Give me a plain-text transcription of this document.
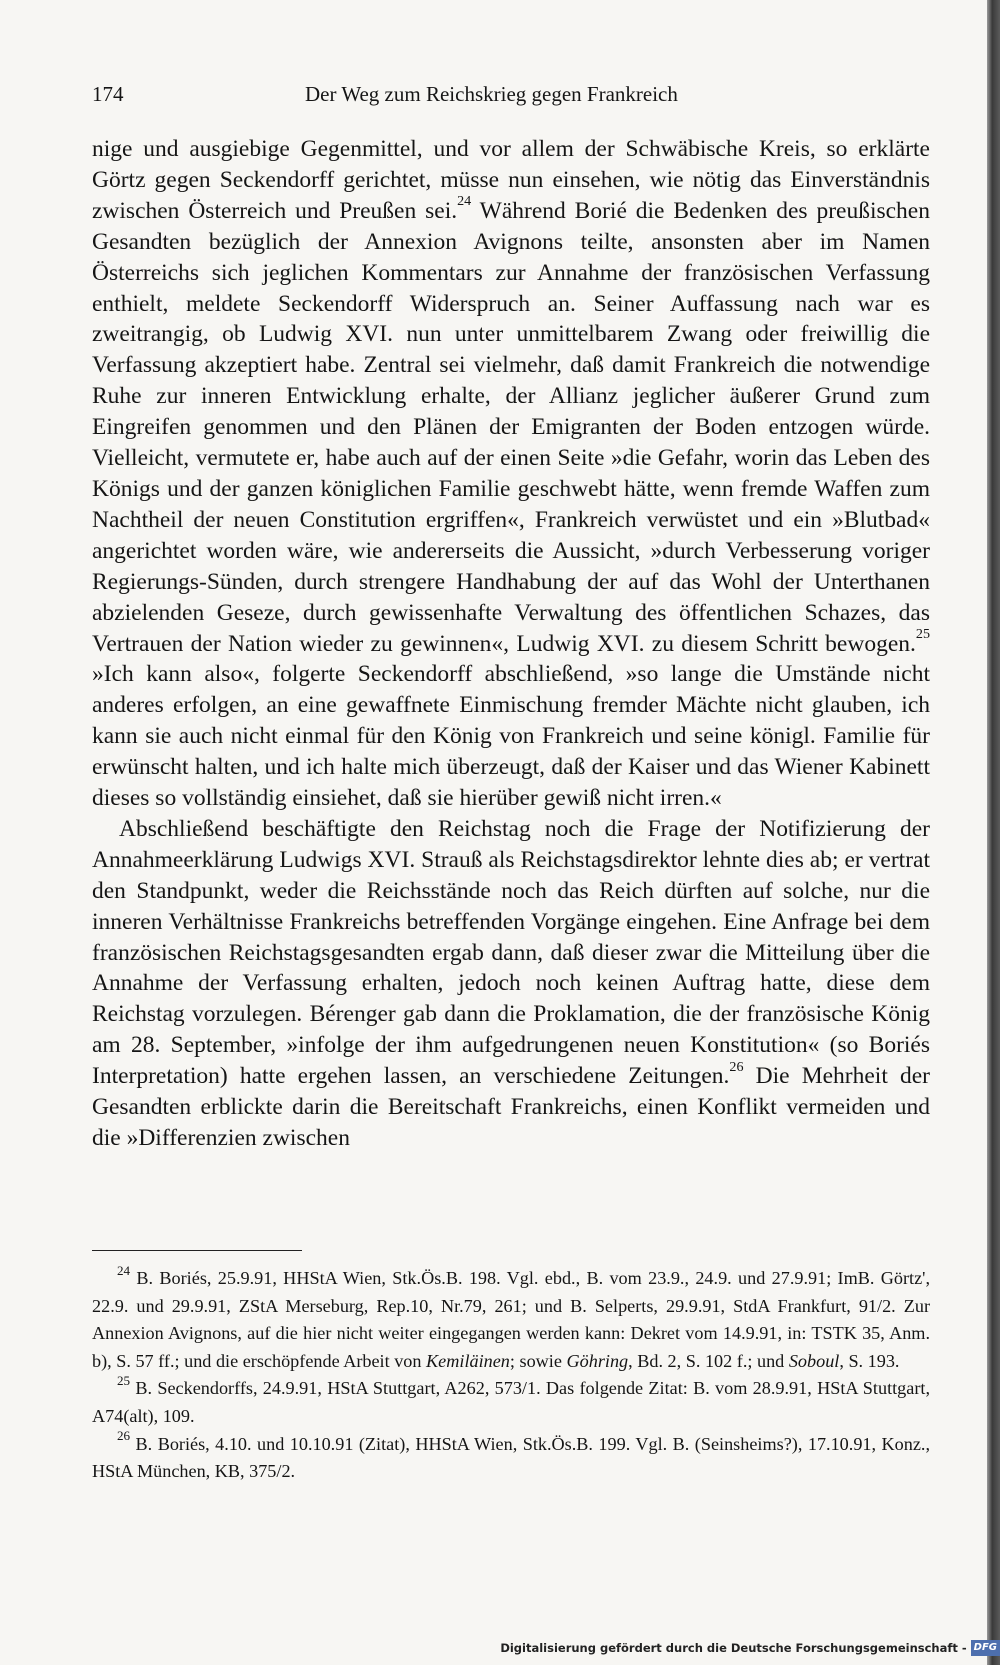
174	Der Weg zum Reichskrieg gegen Frankreich

nige und ausgiebige Gegenmittel, und vor allem der Schwäbische Kreis, so erklärte Görtz gegen Seckendorff gerichtet, müsse nun einsehen, wie nötig das Einverständnis zwischen Österreich und Preußen sei.$^{24}$ Während Borié die Bedenken des preußischen Gesandten bezüglich der Annexion Avignons teilte, ansonsten aber im Namen Österreichs sich jeglichen Kommentars zur Annahme der französischen Verfassung enthielt, meldete Seckendorff Widerspruch an. Seiner Auffassung nach war es zweitrangig, ob Ludwig XVI. nun unter unmittelbarem Zwang oder freiwillig die Verfassung akzeptiert habe. Zentral sei vielmehr, daß damit Frankreich die notwendige Ruhe zur inneren Entwicklung erhalte, der Allianz jeglicher äußerer Grund zum Eingreifen genommen und den Plänen der Emigranten der Boden entzogen würde. Vielleicht, vermutete er, habe auch auf der einen Seite »die Gefahr, worin das Leben des Königs und der ganzen königlichen Familie geschwebt hätte, wenn fremde Waffen zum Nachtheil der neuen Constitution ergriffen«, Frankreich verwüstet und ein »Blutbad« angerichtet worden wäre, wie andererseits die Aussicht, »durch Verbesserung voriger Regierungs-Sünden, durch strengere Handhabung der auf das Wohl der Unterthanen abzielenden Geseze, durch gewissenhafte Verwaltung des öffentlichen Schazes, das Vertrauen der Nation wieder zu gewinnen«, Ludwig XVI. zu diesem Schritt bewogen.$^{25}$ »Ich kann also«, folgerte Seckendorff abschließend, »so lange die Umstände nicht anderes erfolgen, an eine gewaffnete Einmischung fremder Mächte nicht glauben, ich kann sie auch nicht einmal für den König von Frankreich und seine königl. Familie für erwünscht halten, und ich halte mich überzeugt, daß der Kaiser und das Wiener Kabinett dieses so vollständig einsiehet, daß sie hierüber gewiß nicht irren.«

Abschließend beschäftigte den Reichstag noch die Frage der Notifizierung der Annahmeerklärung Ludwigs XVI. Strauß als Reichstagsdirektor lehnte dies ab; er vertrat den Standpunkt, weder die Reichsstände noch das Reich dürften auf solche, nur die inneren Verhältnisse Frankreichs betreffenden Vorgänge eingehen. Eine Anfrage bei dem französischen Reichstagsgesandten ergab dann, daß dieser zwar die Mitteilung über die Annahme der Verfassung erhalten, jedoch noch keinen Auftrag hatte, diese dem Reichstag vorzulegen. Bérenger gab dann die Proklamation, die der französische König am 28. September, »infolge der ihm aufgedrungenen neuen Konstitution« (so Boriés Interpretation) hatte ergehen lassen, an verschiedene Zeitungen.$^{26}$ Die Mehrheit der Gesandten erblickte darin die Bereitschaft Frankreichs, einen Konflikt vermeiden und die »Differenzien zwischen

$^{24}$ B. Boriés, 25.9.91, HHStA Wien, Stk.Ös.B. 198. Vgl. ebd., B. vom 23.9., 24.9. und 27.9.91; ImB. Görtz', 22.9. und 29.9.91, ZStA Merseburg, Rep.10, Nr.79, 261; und B. Selperts, 29.9.91, StdA Frankfurt, 91/2. Zur Annexion Avignons, auf die hier nicht weiter eingegangen werden kann: Dekret vom 14.9.91, in: TSTK 35, Anm. b), S. 57 ff.; und die erschöpfende Arbeit von Kemiläinen; sowie Göhring, Bd. 2, S. 102 f.; und Soboul, S. 193.

$^{25}$ B. Seckendorffs, 24.9.91, HStA Stuttgart, A262, 573/1. Das folgende Zitat: B. vom 28.9.91, HStA Stuttgart, A74(alt), 109.

$^{26}$ B. Boriés, 4.10. und 10.10.91 (Zitat), HHStA Wien, Stk.Ös.B. 199. Vgl. B. (Seinsheims?), 17.10.91, Konz., HStA München, KB, 375/2.

Digitalisierung gefördert durch die Deutsche Forschungsgemeinschaft - DFG
